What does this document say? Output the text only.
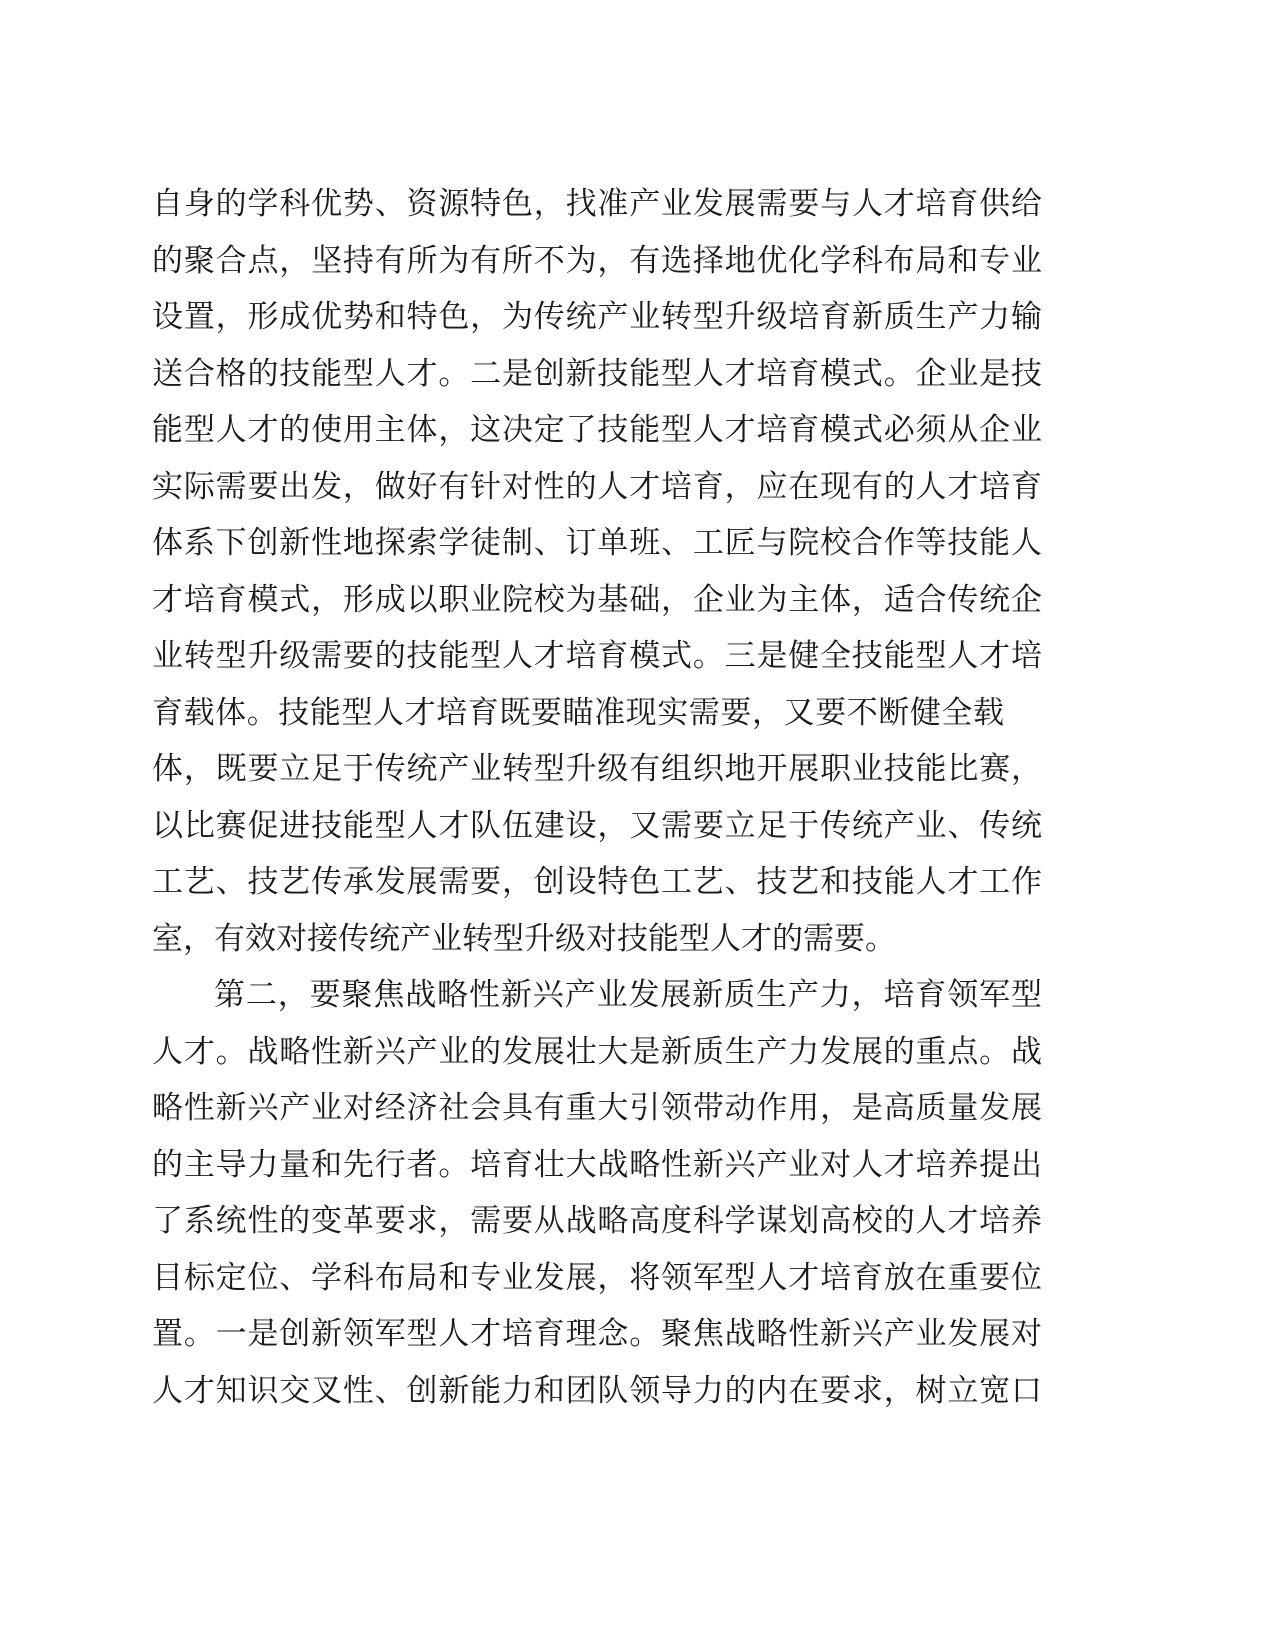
自身的学科优势、资源特色，找准产业发展需要与人才培育供给
的聚合点，坚持有所为有所不为，有选择地优化学科布局和专业
设置，形成优势和特色，为传统产业转型升级培育新质生产力输
送合格的技能型人才。二是创新技能型人才培育模式。企业是技
能型人才的使用主体，这决定了技能型人才培育模式必须从企业
实际需要出发，做好有针对性的人才培育，应在现有的人才培育
体系下创新性地探索学徒制、订单班、工匠与院校合作等技能人
才培育模式，形成以职业院校为基础，企业为主体，适合传统企
业转型升级需要的技能型人才培育模式。三是健全技能型人才培
育载体。技能型人才培育既要瞄准现实需要，又要不断健全载
体，既要立足于传统产业转型升级有组织地开展职业技能比赛，
以比赛促进技能型人才队伍建设，又需要立足于传统产业、传统
工艺、技艺传承发展需要，创设特色工艺、技艺和技能人才工作
室，有效对接传统产业转型升级对技能型人才的需要。
第二，要聚焦战略性新兴产业发展新质生产力，培育领军型
人才。战略性新兴产业的发展壮大是新质生产力发展的重点。战
略性新兴产业对经济社会具有重大引领带动作用，是高质量发展
的主导力量和先行者。培育壮大战略性新兴产业对人才培养提出
了系统性的变革要求，需要从战略高度科学谋划高校的人才培养
目标定位、学科布局和专业发展，将领军型人才培育放在重要位
置。一是创新领军型人才培育理念。聚焦战略性新兴产业发展对
人才知识交叉性、创新能力和团队领导力的内在要求，树立宽口
